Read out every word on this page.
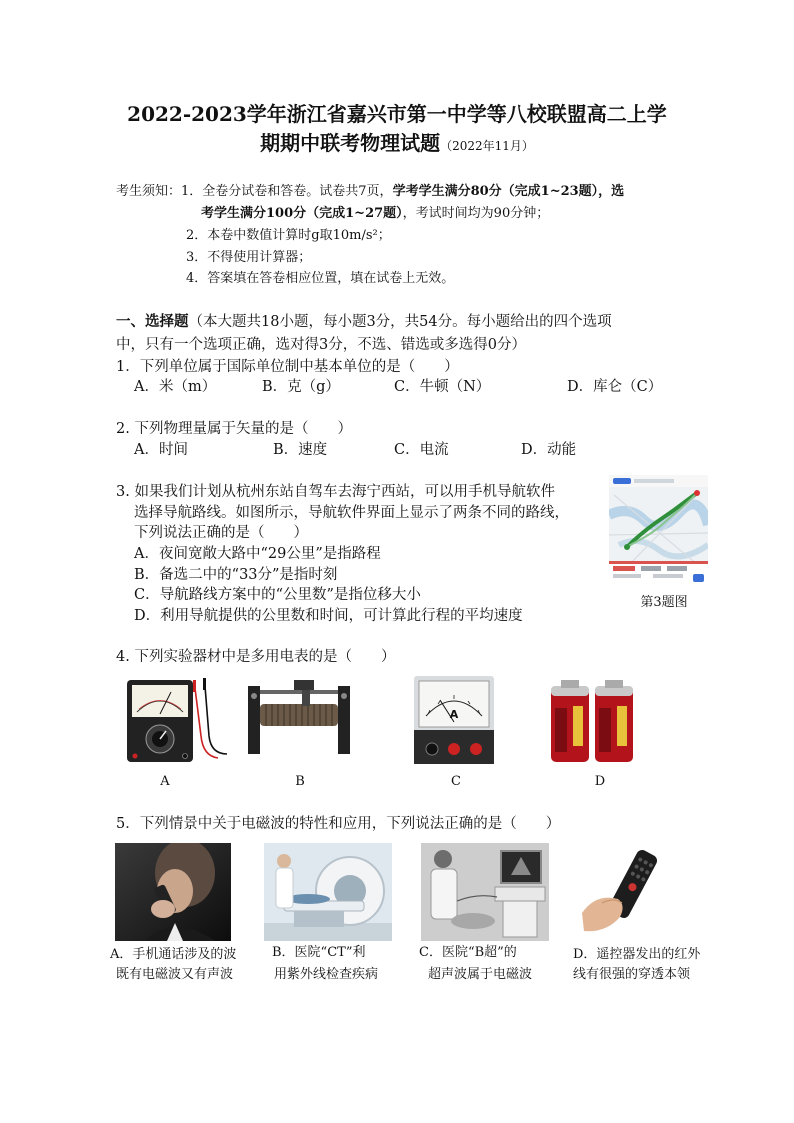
2022-2023学年浙江省嘉兴市第一中学等八校联盟高二上学
期期中联考物理试题（2022年11月）
考生须知：1．全卷分试卷和答卷。试卷共7页，学考学生满分80分（完成1~23题），选
考学生满分100分（完成1~27题），考试时间均为90分钟；
2．本卷中数值计算时g取10m/s²；
3．不得使用计算器；
4．答案填在答卷相应位置，填在试卷上无效。
一、选择题（本大题共18小题，每小题3分，共54分。每小题给出的四个选项
中，只有一个选项正确，选对得3分，不选、错选或多选得0分）
1．下列单位属于国际单位制中基本单位的是（　　）
A．米（m）	B．克（g）	C．牛顿（N）	D．库仑（C）
2. 下列物理量属于矢量的是（　　）
A．时间	B．速度	C．电流	D．动能
3. 如果我们计划从杭州东站自驾车去海宁西站，可以用手机导航软件
选择导航路线。如图所示，导航软件界面上显示了两条不同的路线，
下列说法正确的是（　　）
A．夜间宽敞大路中“29公里”是指路程
B．备选二中的“33分”是指时刻
C．导航路线方案中的“公里数”是指位移大小
D．利用导航提供的公里数和时间，可计算此行程的平均速度
第3题图
4. 下列实验器材中是多用电表的是（　　）
A	B
A
C	D
5．下列情景中关于电磁波的特性和应用，下列说法正确的是（　　）
A．手机通话涉及的波
既有电磁波又有声波
B．医院“CT”利
用紫外线检查疾病
C．医院“B超”的
超声波属于电磁波
D．遥控器发出的红外
线有很强的穿透本领
